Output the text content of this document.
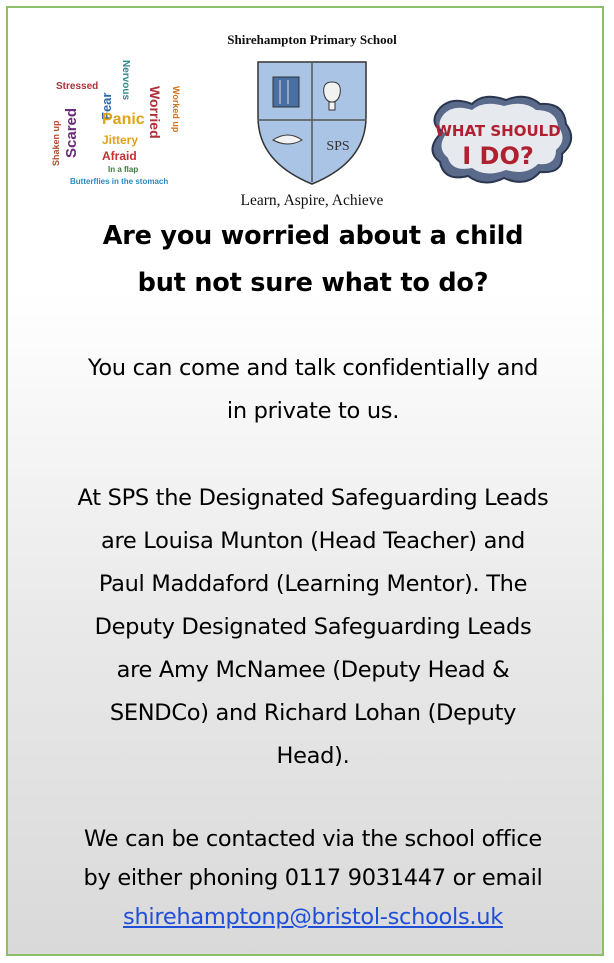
Stressed
Scared
Shaken up
Fear
Nervous
Panic Worried Worked up
Jittery
Afraid
In a flap
Butterflies in the stomach
Shirehampton Primary School
SPS
Learn, Aspire, Achieve
WHAT SHOULD
I DO?
Are you worried about a child
but not sure what to do?
You can come and talk confidentially and
in private to us.
At SPS the Designated Safeguarding Leads
are Louisa Munton (Head Teacher) and
Paul Maddaford (Learning Mentor). The
Deputy Designated Safeguarding Leads
are Amy McNamee (Deputy Head &
SENDCo) and Richard Lohan (Deputy
Head).
We can be contacted via the school office
by either phoning 0117 9031447 or email
shirehamptonp@bristol-schools.uk
